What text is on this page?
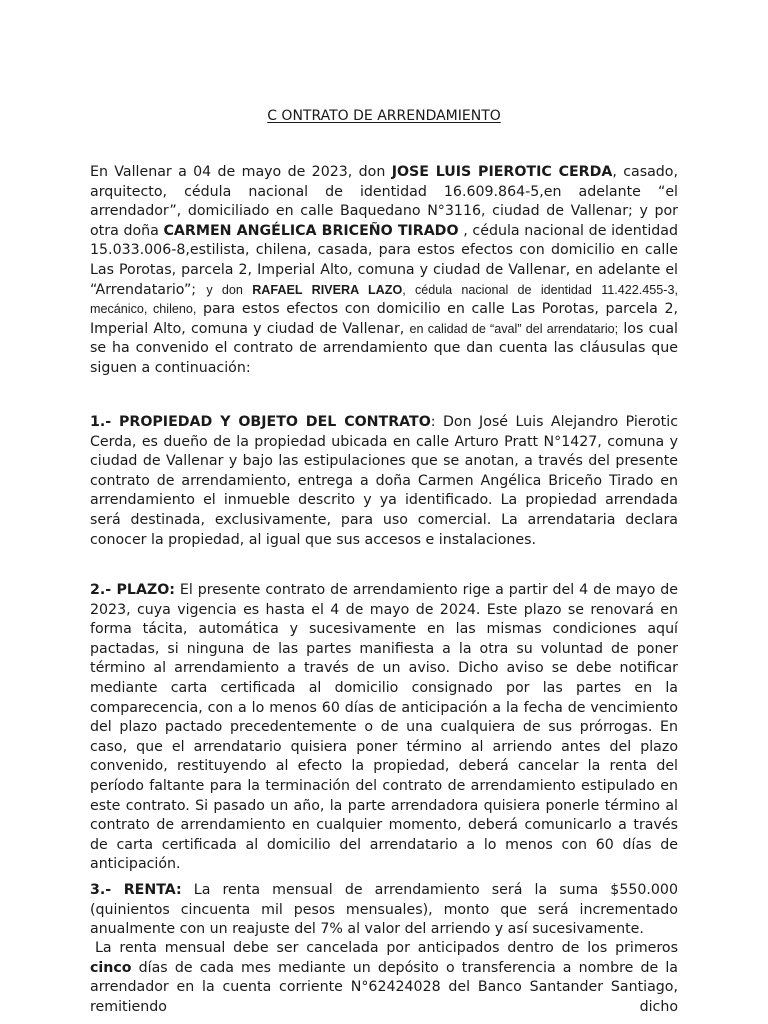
C ONTRATO DE ARRENDAMIENTO

En Vallenar a 04 de mayo de 2023, don JOSE LUIS PIEROTIC CERDA, casado, arquitecto, cédula nacional de identidad 16.609.864-5,en adelante “el arrendador”, domiciliado en calle Baquedano N°3116, ciudad de Vallenar; y por otra doña CARMEN ANGÉLICA BRICEÑO TIRADO , cédula nacional de identidad 15.033.006-8,estilista, chilena, casada, para estos efectos con domicilio en calle Las Porotas, parcela 2, Imperial Alto, comuna y ciudad de Vallenar, en adelante el “Arrendatario”; y don RAFAEL RIVERA LAZO, cédula nacional de identidad 11.422.455-3, mecánico, chileno, para estos efectos con domicilio en calle Las Porotas, parcela 2, Imperial Alto, comuna y ciudad de Vallenar, en calidad de “aval” del arrendatario; los cual se ha convenido el contrato de arrendamiento que dan cuenta las cláusulas que siguen a continuación:

1.- PROPIEDAD Y OBJETO DEL CONTRATO: Don José Luis Alejandro Pierotic Cerda, es dueño de la propiedad ubicada en calle Arturo Pratt N°1427, comuna y ciudad de Vallenar y bajo las estipulaciones que se anotan, a través del presente contrato de arrendamiento, entrega a doña Carmen Angélica Briceño Tirado en arrendamiento el inmueble descrito y ya identificado. La propiedad arrendada será destinada, exclusivamente, para uso comercial. La arrendataria declara conocer la propiedad, al igual que sus accesos e instalaciones.

2.- PLAZO: El presente contrato de arrendamiento rige a partir del 4 de mayo de 2023, cuya vigencia es hasta el 4 de mayo de 2024. Este plazo se renovará en forma tácita, automática y sucesivamente en las mismas condiciones aquí pactadas, si ninguna de las partes manifiesta a la otra su voluntad de poner término al arrendamiento a través de un aviso. Dicho aviso se debe notificar mediante carta certificada al domicilio consignado por las partes en la comparecencia, con a lo menos 60 días de anticipación a la fecha de vencimiento del plazo pactado precedentemente o de una cualquiera de sus prórrogas. En caso, que el arrendatario quisiera poner término al arriendo antes del plazo convenido, restituyendo al efecto la propiedad, deberá cancelar la renta del período faltante para la terminación del contrato de arrendamiento estipulado en este contrato. Si pasado un año, la parte arrendadora quisiera ponerle término al contrato de arrendamiento en cualquier momento, deberá comunicarlo a través de carta certificada al domicilio del arrendatario a lo menos con 60 días de anticipación.

3.- RENTA: La renta mensual de arrendamiento será la suma $550.000 (quinientos cincuenta mil pesos mensuales), monto que será incrementado anualmente con un reajuste del 7% al valor del arriendo y así sucesivamente.

La renta mensual debe ser cancelada por anticipados dentro de los primeros cinco días de cada mes mediante un depósito o transferencia a nombre de la arrendador en la cuenta corriente N°62424028 del Banco Santander Santiago, remitiendo dicho
